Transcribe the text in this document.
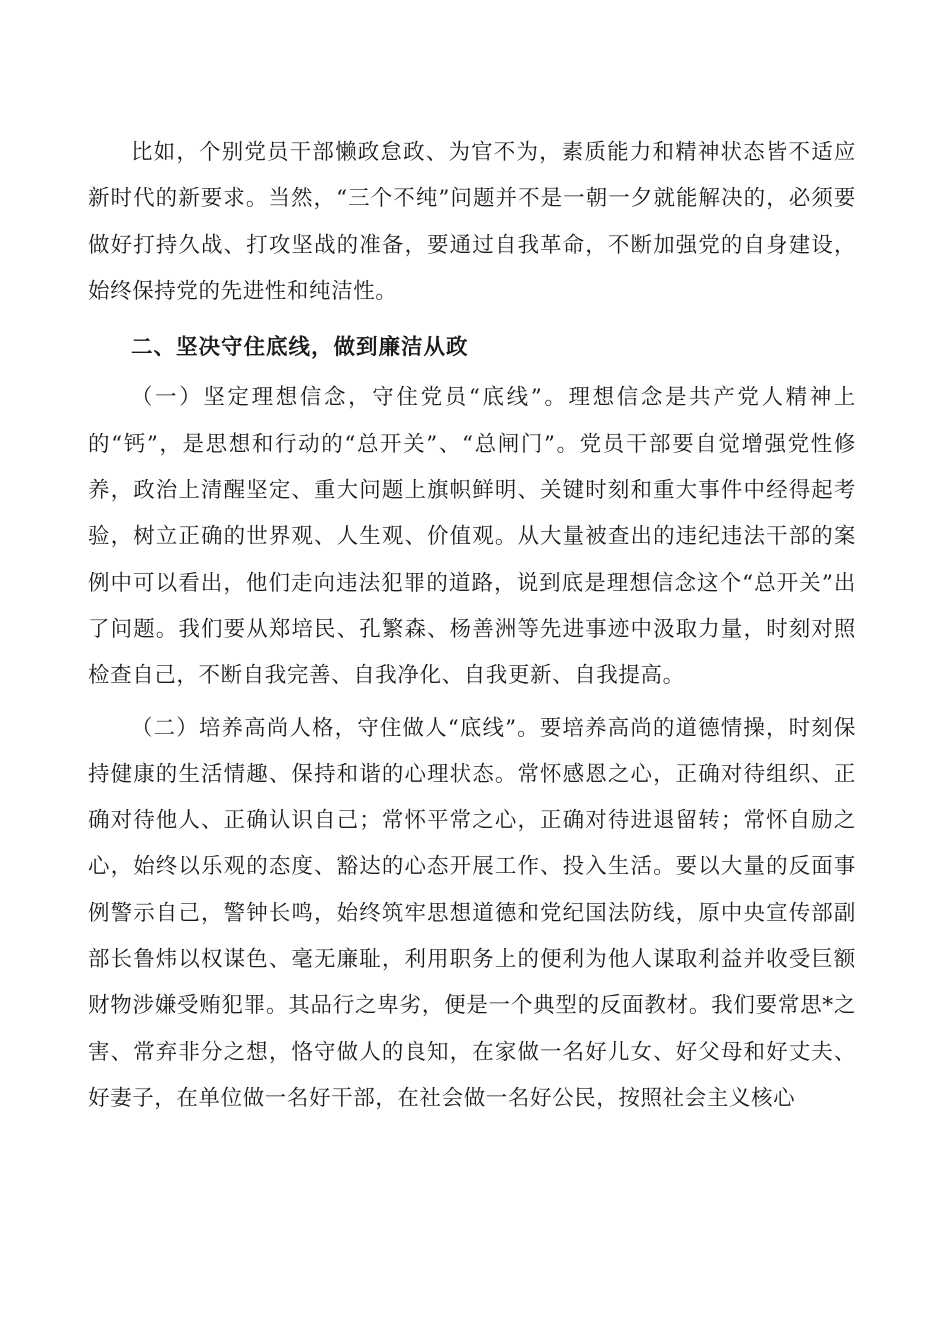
比如，个别党员干部懒政怠政、为官不为，素质能力和精神状态皆不适应新时代的新要求。当然，“三个不纯”问题并不是一朝一夕就能解决的，必须要做好打持久战、打攻坚战的准备，要通过自我革命，不断加强党的自身建设，始终保持党的先进性和纯洁性。

二、坚决守住底线，做到廉洁从政

（一）坚定理想信念，守住党员“底线”。理想信念是共产党人精神上的“钙”，是思想和行动的“总开关”、“总闸门”。党员干部要自觉增强党性修养，政治上清醒坚定、重大问题上旗帜鲜明、关键时刻和重大事件中经得起考验，树立正确的世界观、人生观、价值观。从大量被查出的违纪违法干部的案例中可以看出，他们走向违法犯罪的道路，说到底是理想信念这个“总开关”出了问题。我们要从郑培民、孔繁森、杨善洲等先进事迹中汲取力量，时刻对照检查自己，不断自我完善、自我净化、自我更新、自我提高。

（二）培养高尚人格，守住做人“底线”。要培养高尚的道德情操，时刻保持健康的生活情趣、保持和谐的心理状态。常怀感恩之心，正确对待组织、正确对待他人、正确认识自己；常怀平常之心，正确对待进退留转；常怀自励之心，始终以乐观的态度、豁达的心态开展工作、投入生活。要以大量的反面事例警示自己，警钟长鸣，始终筑牢思想道德和党纪国法防线，原中央宣传部副部长鲁炜以权谋色、毫无廉耻，利用职务上的便利为他人谋取利益并收受巨额财物涉嫌受贿犯罪。其品行之卑劣，便是一个典型的反面教材。我们要常思*之害、常弃非分之想，恪守做人的良知，在家做一名好儿女、好父母和好丈夫、好妻子，在单位做一名好干部，在社会做一名好公民，按照社会主义核心
